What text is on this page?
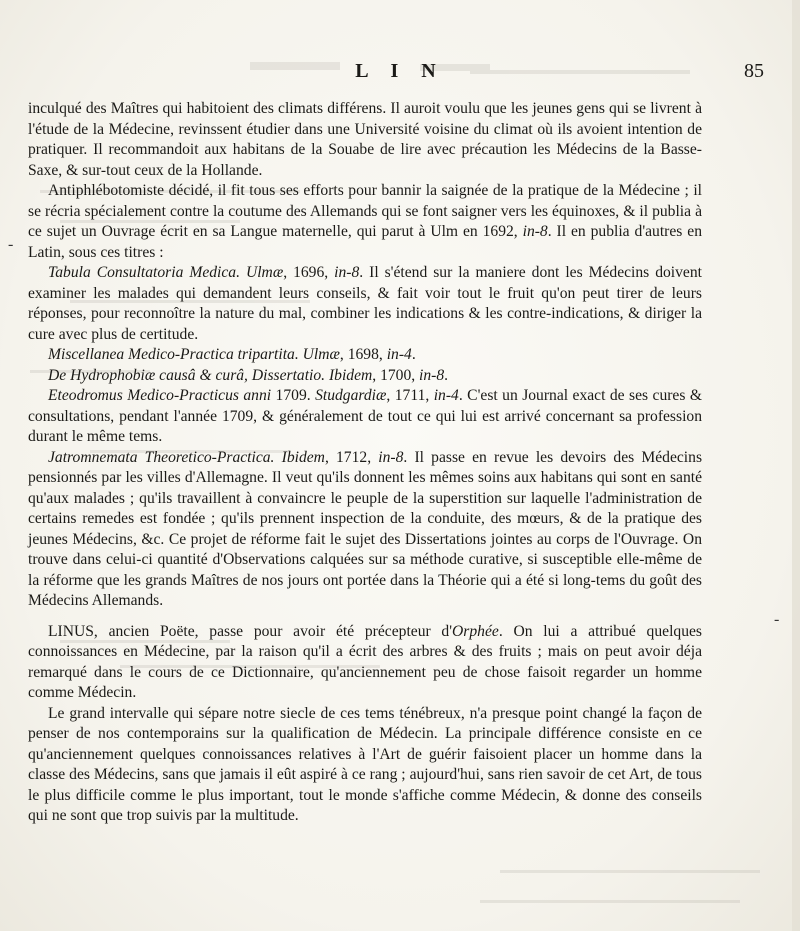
L I N	85
-
-

inculqué des Maîtres qui habitoient des climats différens. Il auroit voulu que les jeunes gens qui se livrent à l'étude de la Médecine, revinssent étudier dans une Université voisine du climat où ils avoient intention de pratiquer. Il recommandoit aux habitans de la Souabe de lire avec précaution les Médecins de la Basse-Saxe, & sur-tout ceux de la Hollande.

Antiphlébotomiste décidé, il fit tous ses efforts pour bannir la saignée de la pratique de la Médecine ; il se récria spécialement contre la coutume des Allemands qui se font saigner vers les équinoxes, & il publia à ce sujet un Ouvrage écrit en sa Langue maternelle, qui parut à Ulm en 1692, in-8. Il en publia d'autres en Latin, sous ces titres :

Tabula Consultatoria Medica. Ulmæ, 1696, in-8. Il s'étend sur la maniere dont les Médecins doivent examiner les malades qui demandent leurs conseils, & fait voir tout le fruit qu'on peut tirer de leurs réponses, pour reconnoître la nature du mal, combiner les indications & les contre-indications, & diriger la cure avec plus de certitude.

Miscellanea Medico-Practica tripartita. Ulmæ, 1698, in-4.

De Hydrophobiæ causâ & curâ, Dissertatio. Ibidem, 1700, in-8.

Eteodromus Medico-Practicus anni 1709. Studgardiæ, 1711, in-4. C'est un Journal exact de ses cures & consultations, pendant l'année 1709, & généralement de tout ce qui lui est arrivé concernant sa profession durant le même tems.

Jatromnemata Theoretico-Practica. Ibidem, 1712, in-8. Il passe en revue les devoirs des Médecins pensionnés par les villes d'Allemagne. Il veut qu'ils donnent les mêmes soins aux habitans qui sont en santé qu'aux malades ; qu'ils travaillent à convaincre le peuple de la superstition sur laquelle l'administration de certains remedes est fondée ; qu'ils prennent inspection de la conduite, des mœurs, & de la pratique des jeunes Médecins, &c. Ce projet de réforme fait le sujet des Dissertations jointes au corps de l'Ouvrage. On trouve dans celui-ci quantité d'Observations calquées sur sa méthode curative, si susceptible elle-même de la réforme que les grands Maîtres de nos jours ont portée dans la Théorie qui a été si long-tems du goût des Médecins Allemands.

LINUS, ancien Poëte, passe pour avoir été précepteur d'Orphée. On lui a attribué quelques connoissances en Médecine, par la raison qu'il a écrit des arbres & des fruits ; mais on peut avoir déja remarqué dans le cours de ce Dictionnaire, qu'anciennement peu de chose faisoit regarder un homme comme Médecin.

Le grand intervalle qui sépare notre siecle de ces tems ténébreux, n'a presque point changé la façon de penser de nos contemporains sur la qualification de Médecin. La principale différence consiste en ce qu'anciennement quelques connoissances relatives à l'Art de guérir faisoient placer un homme dans la classe des Médecins, sans que jamais il eût aspiré à ce rang ; aujourd'hui, sans rien savoir de cet Art, de tous le plus difficile comme le plus important, tout le monde s'affiche comme Médecin, & donne des conseils qui ne sont que trop suivis par la multitude.
